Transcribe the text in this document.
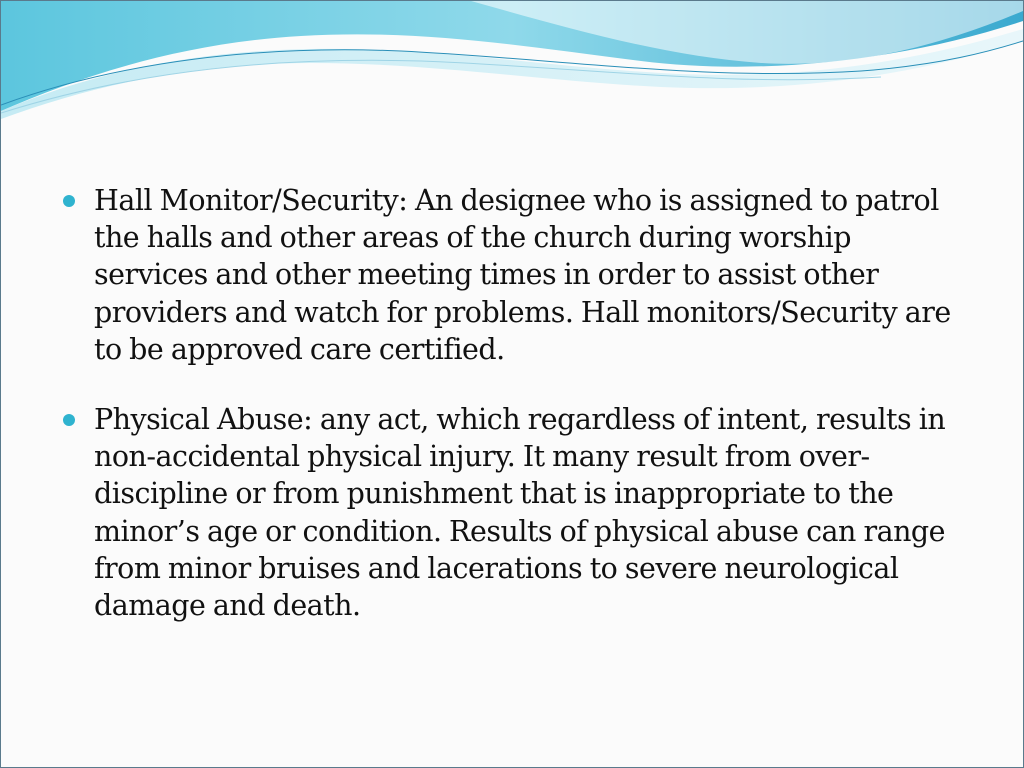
Hall Monitor/Security: An designee who is assigned to patrol the halls and other areas of the church during worship services and other meeting times in order to assist other providers and watch for problems. Hall monitors/Security are to be approved care certified.
Physical Abuse: any act, which regardless of intent, results in non-accidental physical injury. It many result from over-discipline or from punishment that is inappropriate to the minor’s age or condition. Results of physical abuse can range from minor bruises and lacerations to severe neurological damage and death.
